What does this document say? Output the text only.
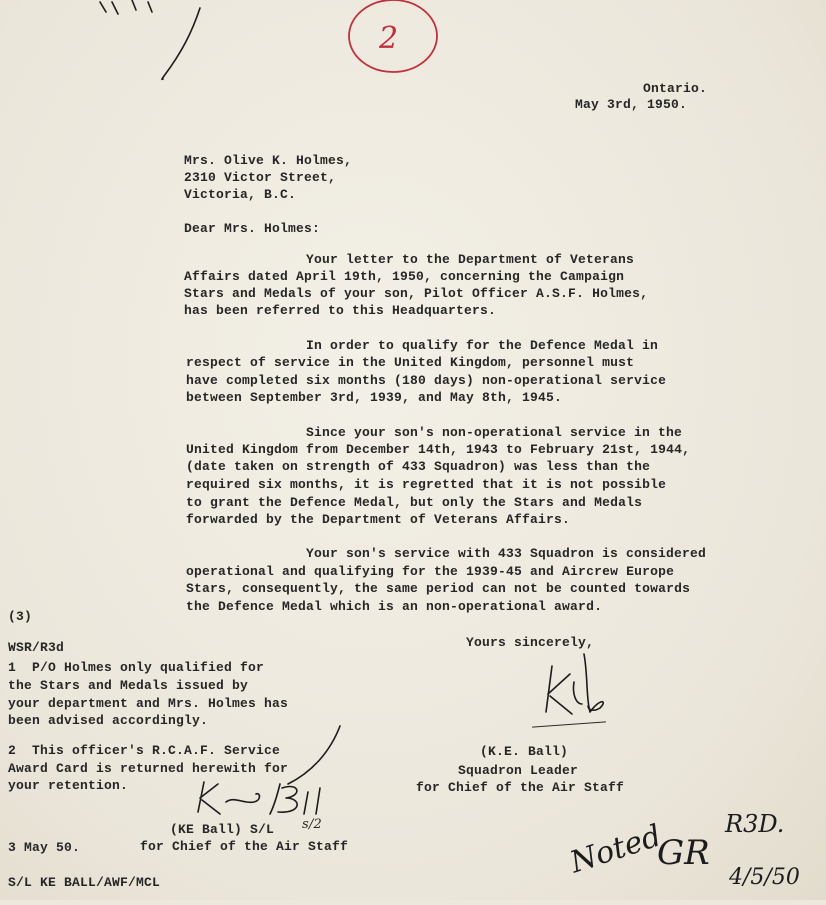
2
Ontario.
May 3rd, 1950.
Mrs. Olive K. Holmes,
2310 Victor Street,
Victoria, B.C.
Dear Mrs. Holmes:
Your letter to the Department of Veterans
Affairs dated April 19th, 1950, concerning the Campaign
Stars and Medals of your son, Pilot Officer A.S.F. Holmes,
has been referred to this Headquarters.
In order to qualify for the Defence Medal in
respect of service in the United Kingdom, personnel must
have completed six months (180 days) non-operational service
between September 3rd, 1939, and May 8th, 1945.
Since your son's non-operational service in the
United Kingdom from December 14th, 1943 to February 21st, 1944,
(date taken on strength of 433 Squadron) was less than the
required six months, it is regretted that it is not possible
to grant the Defence Medal, but only the Stars and Medals
forwarded by the Department of Veterans Affairs.
Your son's service with 433 Squadron is considered
operational and qualifying for the 1939-45 and Aircrew Europe
Stars, consequently, the same period can not be counted towards
the Defence Medal which is an non-operational award.
Yours sincerely,
KEB
(K.E. Ball)
Squadron Leader
for Chief of the Air Staff
(3)
WSR/R3d
1  P/O Holmes only qualified for
the Stars and Medals issued by
your department and Mrs. Holmes has
been advised accordingly.
2  This officer's R.C.A.F. Service
Award Card is returned herewith for
your retention.
K.E. Ball
(KE Ball) S/L s/2
3 May 50.	for Chief of the Air Staff	Noted
GR
R3D.
4/5/50
S/L KE BALL/AWF/MCL
